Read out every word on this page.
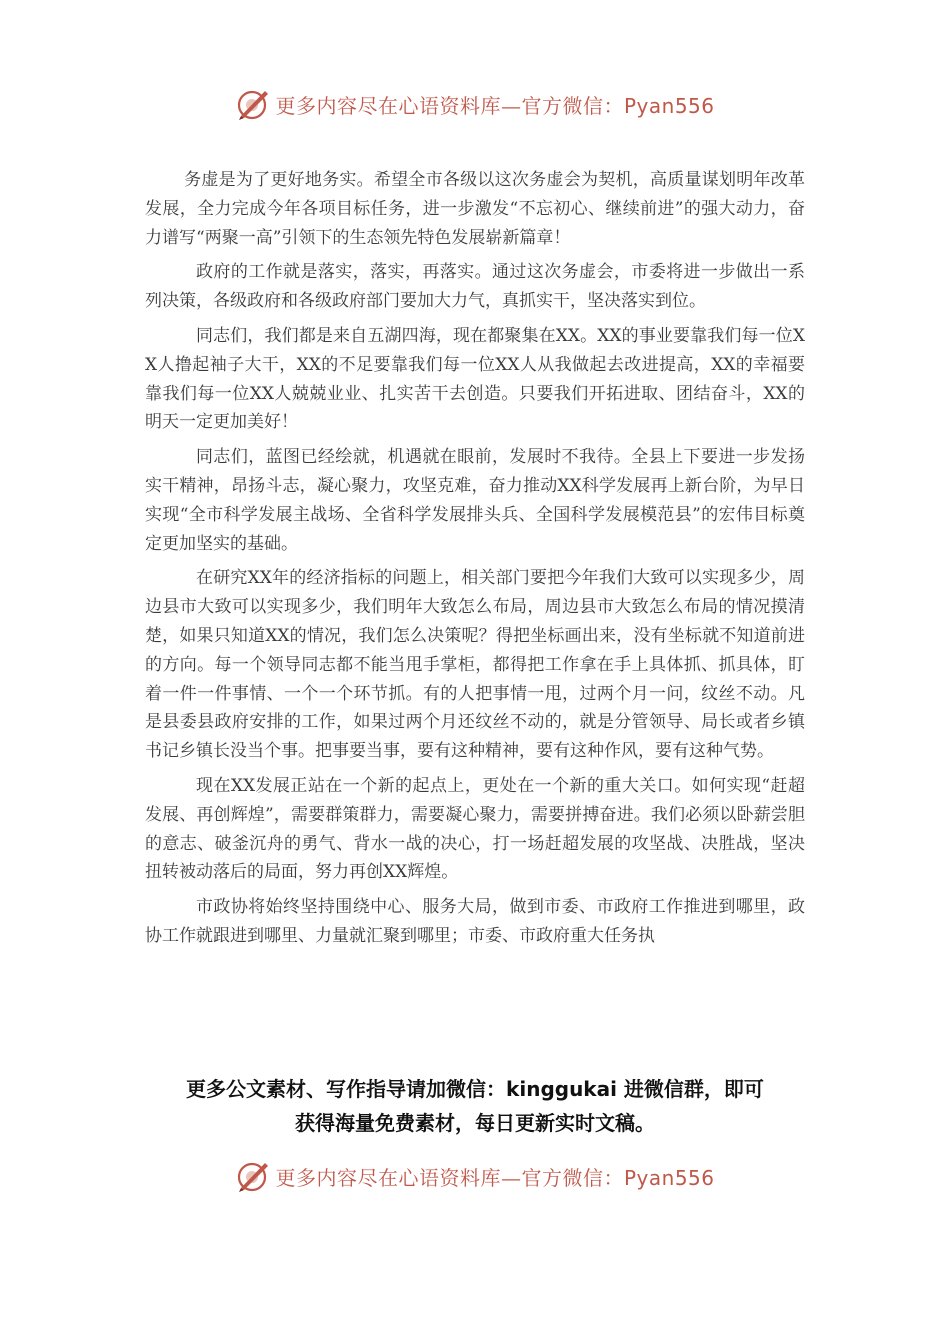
更多内容尽在心语资料库—官方微信：Pyan556

务虚是为了更好地务实。希望全市各级以这次务虚会为契机，高质量谋划明年改革发展，全力完成今年各项目标任务，进一步激发“不忘初心、继续前进”的强大动力，奋力谱写“两聚一高”引领下的生态领先特色发展崭新篇章！

政府的工作就是落实，落实，再落实。通过这次务虚会，市委将进一步做出一系列决策，各级政府和各级政府部门要加大力气，真抓实干，坚决落实到位。

同志们，我们都是来自五湖四海，现在都聚集在XX。XX的事业要靠我们每一位XX人撸起袖子大干，XX的不足要靠我们每一位XX人从我做起去改进提高，XX的幸福要靠我们每一位XX人兢兢业业、扎实苦干去创造。只要我们开拓进取、团结奋斗，XX的明天一定更加美好！

同志们，蓝图已经绘就，机遇就在眼前，发展时不我待。全县上下要进一步发扬实干精神，昂扬斗志，凝心聚力，攻坚克难，奋力推动XX科学发展再上新台阶，为早日实现“全市科学发展主战场、全省科学发展排头兵、全国科学发展模范县”的宏伟目标奠定更加坚实的基础。

在研究XX年的经济指标的问题上，相关部门要把今年我们大致可以实现多少，周边县市大致可以实现多少，我们明年大致怎么布局，周边县市大致怎么布局的情况摸清楚，如果只知道XX的情况，我们怎么决策呢？得把坐标画出来，没有坐标就不知道前进的方向。每一个领导同志都不能当甩手掌柜，都得把工作拿在手上具体抓、抓具体，盯着一件一件事情、一个一个环节抓。有的人把事情一甩，过两个月一问，纹丝不动。凡是县委县政府安排的工作，如果过两个月还纹丝不动的，就是分管领导、局长或者乡镇书记乡镇长没当个事。把事要当事，要有这种精神，要有这种作风，要有这种气势。

现在XX发展正站在一个新的起点上，更处在一个新的重大关口。如何实现“赶超发展、再创辉煌”，需要群策群力，需要凝心聚力，需要拼搏奋进。我们必须以卧薪尝胆的意志、破釜沉舟的勇气、背水一战的决心，打一场赶超发展的攻坚战、决胜战，坚决扭转被动落后的局面，努力再创XX辉煌。

市政协将始终坚持围绕中心、服务大局，做到市委、市政府工作推进到哪里，政协工作就跟进到哪里、力量就汇聚到哪里；市委、市政府重大任务执

更多公文素材、写作指导请加微信：kinggukai 进微信群，即可
获得海量免费素材，每日更新实时文稿。
更多内容尽在心语资料库—官方微信：Pyan556
